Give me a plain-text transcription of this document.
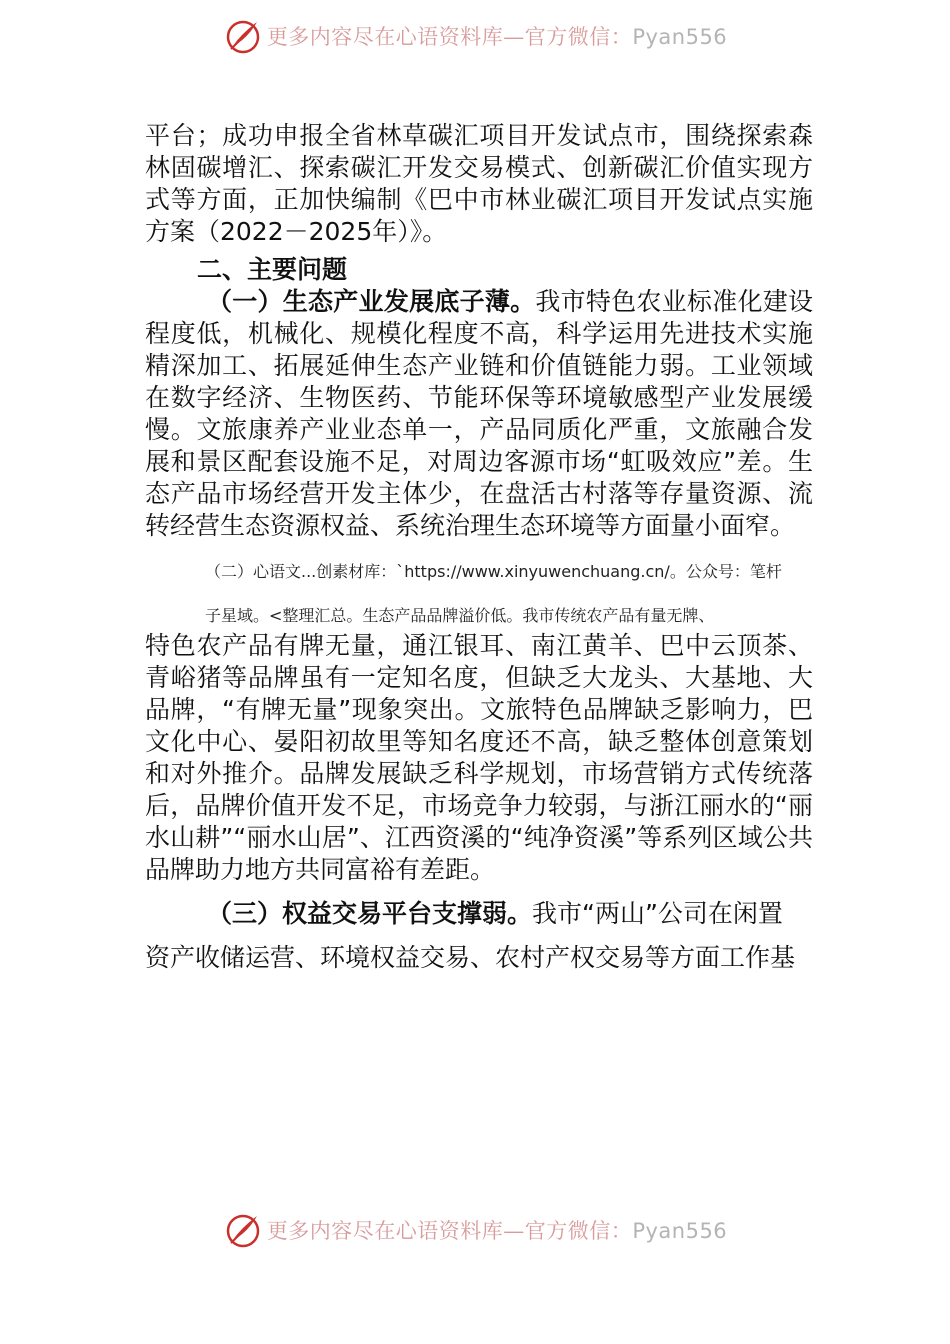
更多内容尽在心语资料库—官方微信：Pyan556

平台；成功申报全省林草碳汇项目开发试点市，围绕探索森林固碳增汇、探索碳汇开发交易模式、创新碳汇价值实现方式等方面，正加快编制《巴中市林业碳汇项目开发试点实施方案（2022－2025年）》。

二、主要问题

（一）生态产业发展底子薄。我市特色农业标准化建设程度低，机械化、规模化程度不高，科学运用先进技术实施精深加工、拓展延伸生态产业链和价值链能力弱。工业领域在数字经济、生物医药、节能环保等环境敏感型产业发展缓慢。文旅康养产业业态单一，产品同质化严重，文旅融合发展和景区配套设施不足，对周边客源市场“虹吸效应”差。生态产品市场经营开发主体少，在盘活古村落等存量资源、流转经营生态资源权益、系统治理生态环境等方面量小面窄。

（二）心语文...创素材库：`https://www.xinyuwenchuang.cn/。公众号：笔杆

子星域。<整理汇总。生态产品品牌溢价低。我市传统农产品有量无牌、

特色农产品有牌无量，通江银耳、南江黄羊、巴中云顶茶、青峪猪等品牌虽有一定知名度，但缺乏大龙头、大基地、大品牌，“有牌无量”现象突出。文旅特色品牌缺乏影响力，巴文化中心、晏阳初故里等知名度还不高，缺乏整体创意策划和对外推介。品牌发展缺乏科学规划，市场营销方式传统落后，品牌价值开发不足，市场竞争力较弱，与浙江丽水的“丽水山耕”“丽水山居”、江西资溪的“纯净资溪”等系列区域公共品牌助力地方共同富裕有差距。

（三）权益交易平台支撑弱。我市“两山”公司在闲置

资产收储运营、环境权益交易、农村产权交易等方面工作基

更多内容尽在心语资料库—官方微信：Pyan556
